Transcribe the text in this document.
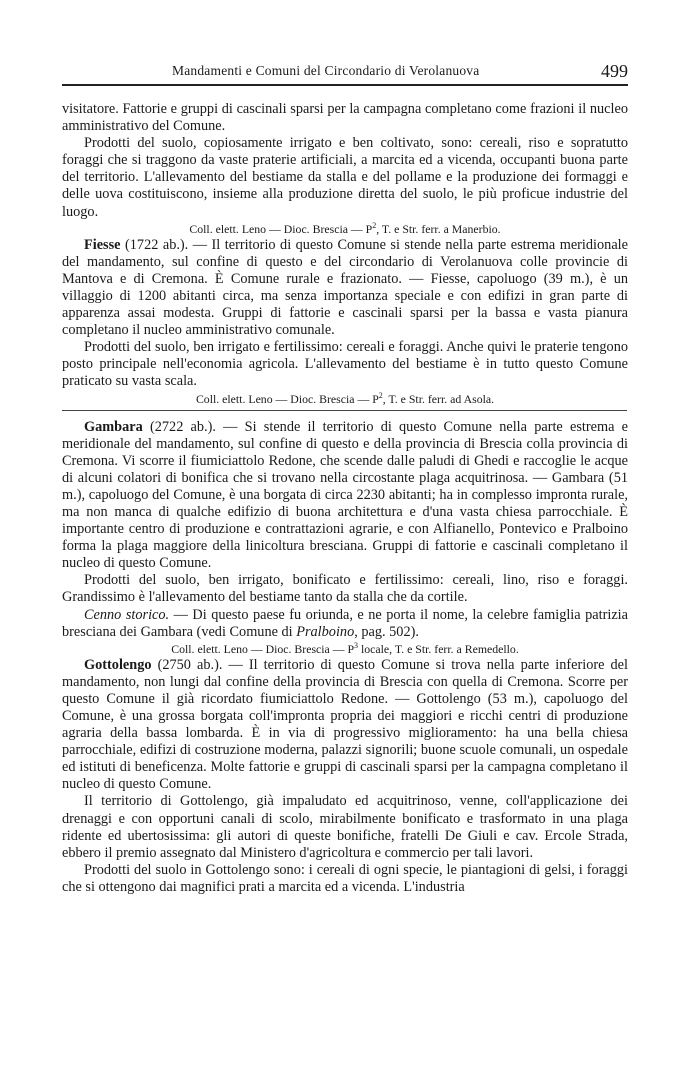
Mandamenti e Comuni del Circondario di Verolanuova	499

visitatore. Fattorie e gruppi di cascinali sparsi per la campagna completano come frazioni il nucleo amministrativo del Comune.

Prodotti del suolo, copiosamente irrigato e ben coltivato, sono: cereali, riso e sopratutto foraggi che si traggono da vaste praterie artificiali, a marcita ed a vicenda, occupanti buona parte del territorio. L'allevamento del bestiame da stalla e del pollame e la produzione dei formaggi e delle uova costituiscono, insieme alla produzione diretta del suolo, le più proficue industrie del luogo.

Coll. elett. Leno — Dioc. Brescia — $P^2$, T. e Str. ferr. a Manerbio.

Fiesse (1722 ab.). — Il territorio di questo Comune si stende nella parte estrema meridionale del mandamento, sul confine di questo e del circondario di Verolanuova colle provincie di Mantova e di Cremona. È Comune rurale e frazionato. — Fiesse, capoluogo (39 m.), è un villaggio di 1200 abitanti circa, ma senza importanza speciale e con edifizi in gran parte di apparenza assai modesta. Gruppi di fattorie e cascinali sparsi per la bassa e vasta pianura completano il nucleo amministrativo comunale.

Prodotti del suolo, ben irrigato e fertilissimo: cereali e foraggi. Anche quivi le praterie tengono posto principale nell'economia agricola. L'allevamento del bestiame è in tutto questo Comune praticato su vasta scala.

Coll. elett. Leno — Dioc. Brescia — $P^2$, T. e Str. ferr. ad Asola.

Gambara (2722 ab.). — Si stende il territorio di questo Comune nella parte estrema e meridionale del mandamento, sul confine di questo e della provincia di Brescia colla provincia di Cremona. Vi scorre il fiumiciattolo Redone, che scende dalle paludi di Ghedi e raccoglie le acque di alcuni colatori di bonifica che si trovano nella circostante plaga acquitrinosa. — Gambara (51 m.), capoluogo del Comune, è una borgata di circa 2230 abitanti; ha in complesso impronta rurale, ma non manca di qualche edifizio di buona architettura e d'una vasta chiesa parrocchiale. È importante centro di produzione e contrattazioni agrarie, e con Alfianello, Pontevico e Pralboino forma la plaga maggiore della linicoltura bresciana. Gruppi di fattorie e cascinali completano il nucleo di questo Comune.

Prodotti del suolo, ben irrigato, bonificato e fertilissimo: cereali, lino, riso e foraggi. Grandissimo è l'allevamento del bestiame tanto da stalla che da cortile.

Cenno storico. — Di questo paese fu oriunda, e ne porta il nome, la celebre famiglia patrizia bresciana dei Gambara (vedi Comune di Pralboino, pag. 502).

Coll. elett. Leno — Dioc. Brescia — $P^3$ locale, T. e Str. ferr. a Remedello.

Gottolengo (2750 ab.). — Il territorio di questo Comune si trova nella parte inferiore del mandamento, non lungi dal confine della provincia di Brescia con quella di Cremona. Scorre per questo Comune il già ricordato fiumiciattolo Redone. — Gottolengo (53 m.), capoluogo del Comune, è una grossa borgata coll'impronta propria dei maggiori e ricchi centri di produzione agraria della bassa lombarda. È in via di progressivo miglioramento: ha una bella chiesa parrocchiale, edifizi di costruzione moderna, palazzi signorili; buone scuole comunali, un ospedale ed istituti di beneficenza. Molte fattorie e gruppi di cascinali sparsi per la campagna completano il nucleo di questo Comune.

Il territorio di Gottolengo, già impaludato ed acquitrinoso, venne, coll'applicazione dei drenaggi e con opportuni canali di scolo, mirabilmente bonificato e trasformato in una plaga ridente ed ubertosissima: gli autori di queste bonifiche, fratelli De Giuli e cav. Ercole Strada, ebbero il premio assegnato dal Ministero d'agricoltura e commercio per tali lavori.

Prodotti del suolo in Gottolengo sono: i cereali di ogni specie, le piantagioni di gelsi, i foraggi che si ottengono dai magnifici prati a marcita ed a vicenda. L'industria
